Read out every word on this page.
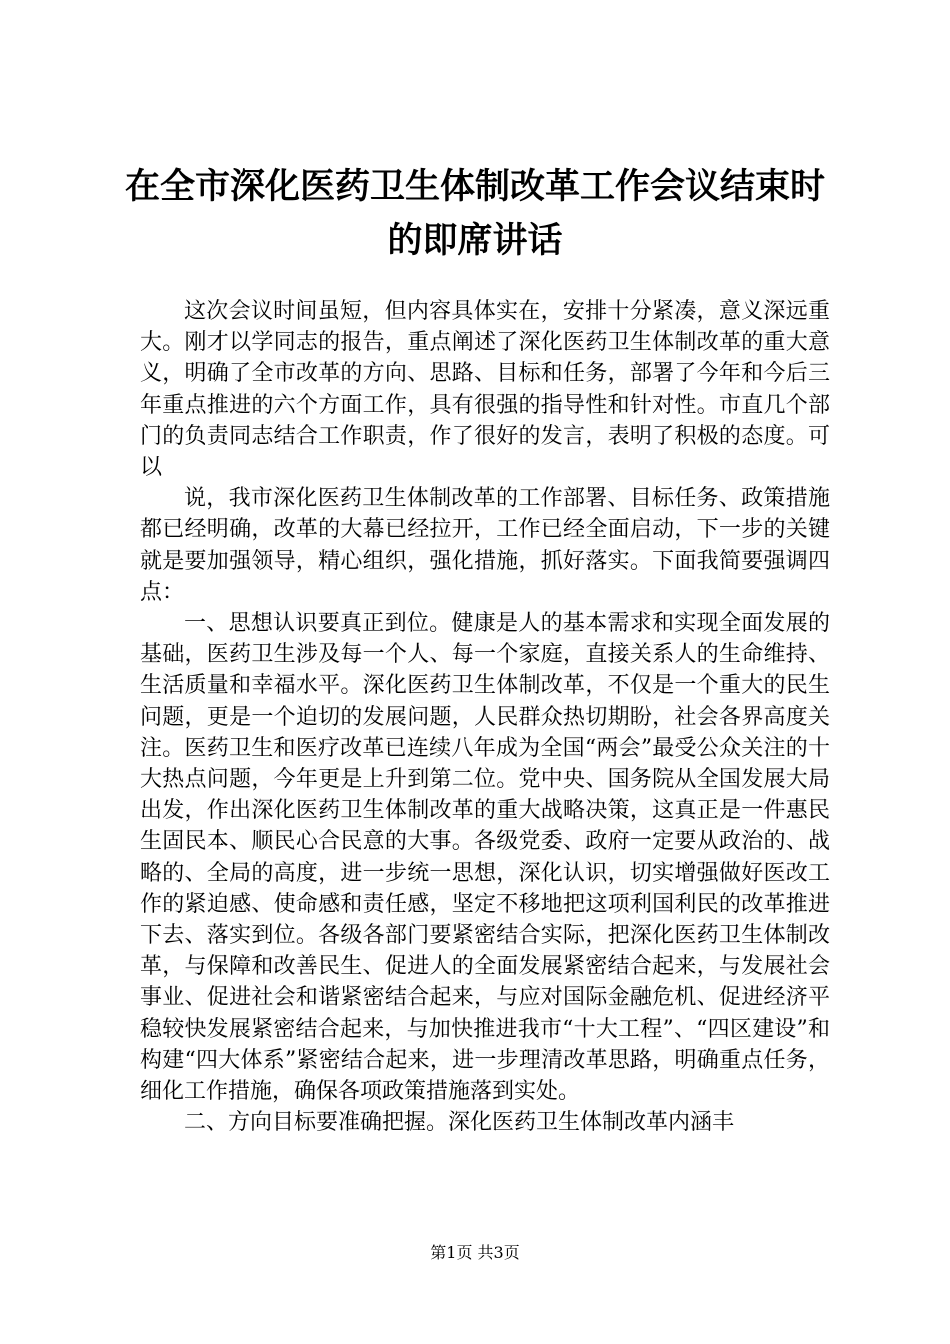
在全市深化医药卫生体制改革工作会议结束时
的即席讲话

这次会议时间虽短，但内容具体实在，安排十分紧凑，意义深远重大。刚才以学同志的报告，重点阐述了深化医药卫生体制改革的重大意义，明确了全市改革的方向、思路、目标和任务，部署了今年和今后三年重点推进的六个方面工作，具有很强的指导性和针对性。市直几个部门的负责同志结合工作职责，作了很好的发言，表明了积极的态度。可以

说，我市深化医药卫生体制改革的工作部署、目标任务、政策措施都已经明确，改革的大幕已经拉开，工作已经全面启动，下一步的关键就是要加强领导，精心组织，强化措施，抓好落实。下面我简要强调四点：

一、思想认识要真正到位。健康是人的基本需求和实现全面发展的基础，医药卫生涉及每一个人、每一个家庭，直接关系人的生命维持、生活质量和幸福水平。深化医药卫生体制改革，不仅是一个重大的民生问题，更是一个迫切的发展问题，人民群众热切期盼，社会各界高度关注。医药卫生和医疗改革已连续八年成为全国“两会”最受公众关注的十大热点问题，今年更是上升到第二位。党中央、国务院从全国发展大局出发，作出深化医药卫生体制改革的重大战略决策，这真正是一件惠民生固民本、顺民心合民意的大事。各级党委、政府一定要从政治的、战略的、全局的高度，进一步统一思想，深化认识，切实增强做好医改工作的紧迫感、使命感和责任感，坚定不移地把这项利国利民的改革推进下去、落实到位。各级各部门要紧密结合实际，把深化医药卫生体制改革，与保障和改善民生、促进人的全面发展紧密结合起来，与发展社会事业、促进社会和谐紧密结合起来，与应对国际金融危机、促进经济平稳较快发展紧密结合起来，与加快推进我市“十大工程”、“四区建设”和构建“四大体系”紧密结合起来，进一步理清改革思路，明确重点任务，细化工作措施，确保各项政策措施落到实处。

二、方向目标要准确把握。深化医药卫生体制改革内涵丰

第1页 共3页
